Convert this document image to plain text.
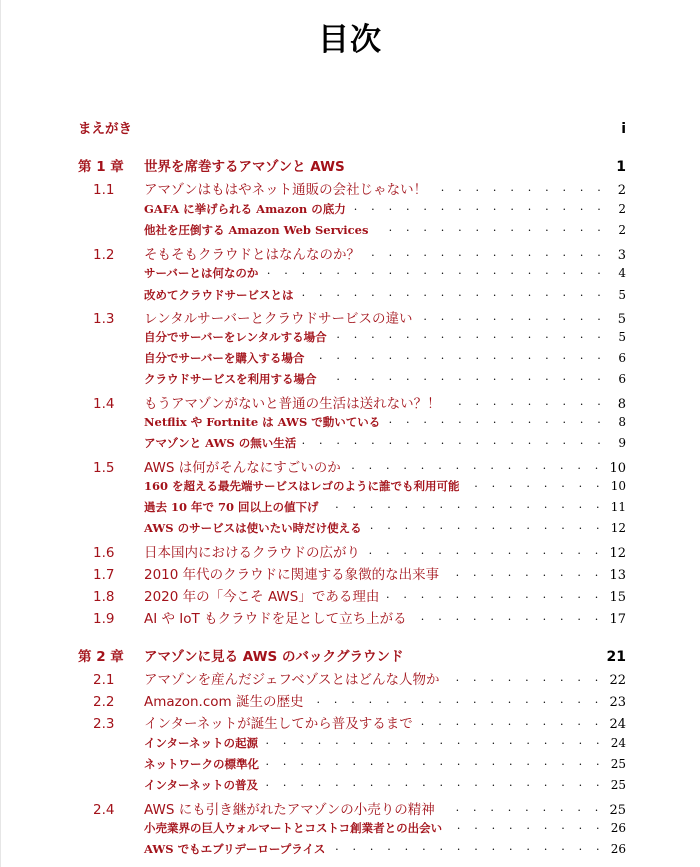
目次
まえがき	i
第 1 章	世界を席巻するアマゾンと AWS	1
1.1	アマゾンはもはやネット通販の会社じゃない！ . . .	2
GAFA に挙げられる Amazon の底力 . . .	2
他社を圧倒する Amazon Web Services . . .	2
1.2	そもそもクラウドとはなんなのか？ . . .	3
サーバーとは何なのか . . .	4
改めてクラウドサービスとは . . .	5
1.3	レンタルサーバーとクラウドサービスの違い . . .	5
自分でサーバーをレンタルする場合 . . .	5
自分でサーバーを購入する場合 . . .	6
クラウドサービスを利用する場合 . . .	6
1.4	もうアマゾンがないと普通の生活は送れない？！ . . .	8
Netflix や Fortnite は AWS で動いている . . .	8
アマゾンと AWS の無い生活 . . .	9
1.5	AWS は何がそんなにすごいのか . . .	10
160 を超える最先端サービスはレゴのように誰でも利用可能 . . .	10
過去 10 年で 70 回以上の値下げ . . .	11
AWS のサービスは使いたい時だけ使える . . .	12
1.6	日本国内におけるクラウドの広がり . . .	12
1.7	2010 年代のクラウドに関連する象徴的な出来事 . . .	13
1.8	2020 年の「今こそ AWS」である理由 . . .	15
1.9	AI や IoT もクラウドを足として立ち上がる . . .	17
第 2 章	アマゾンに見る AWS のバックグラウンド	21
2.1	アマゾンを産んだジェフベゾスとはどんな人物か . . .	22
2.2	Amazon.com 誕生の歴史 . . .	23
2.3	インターネットが誕生してから普及するまで . . .	24
インターネットの起源 . . .	24
ネットワークの標準化 . . .	25
インターネットの普及 . . .	25
2.4	AWS にも引き継がれたアマゾンの小売りの精神 . . .	25
小売業界の巨人ウォルマートとコストコ創業者との出会い . . .	26
AWS でもエブリデーロープライス . . .	26
